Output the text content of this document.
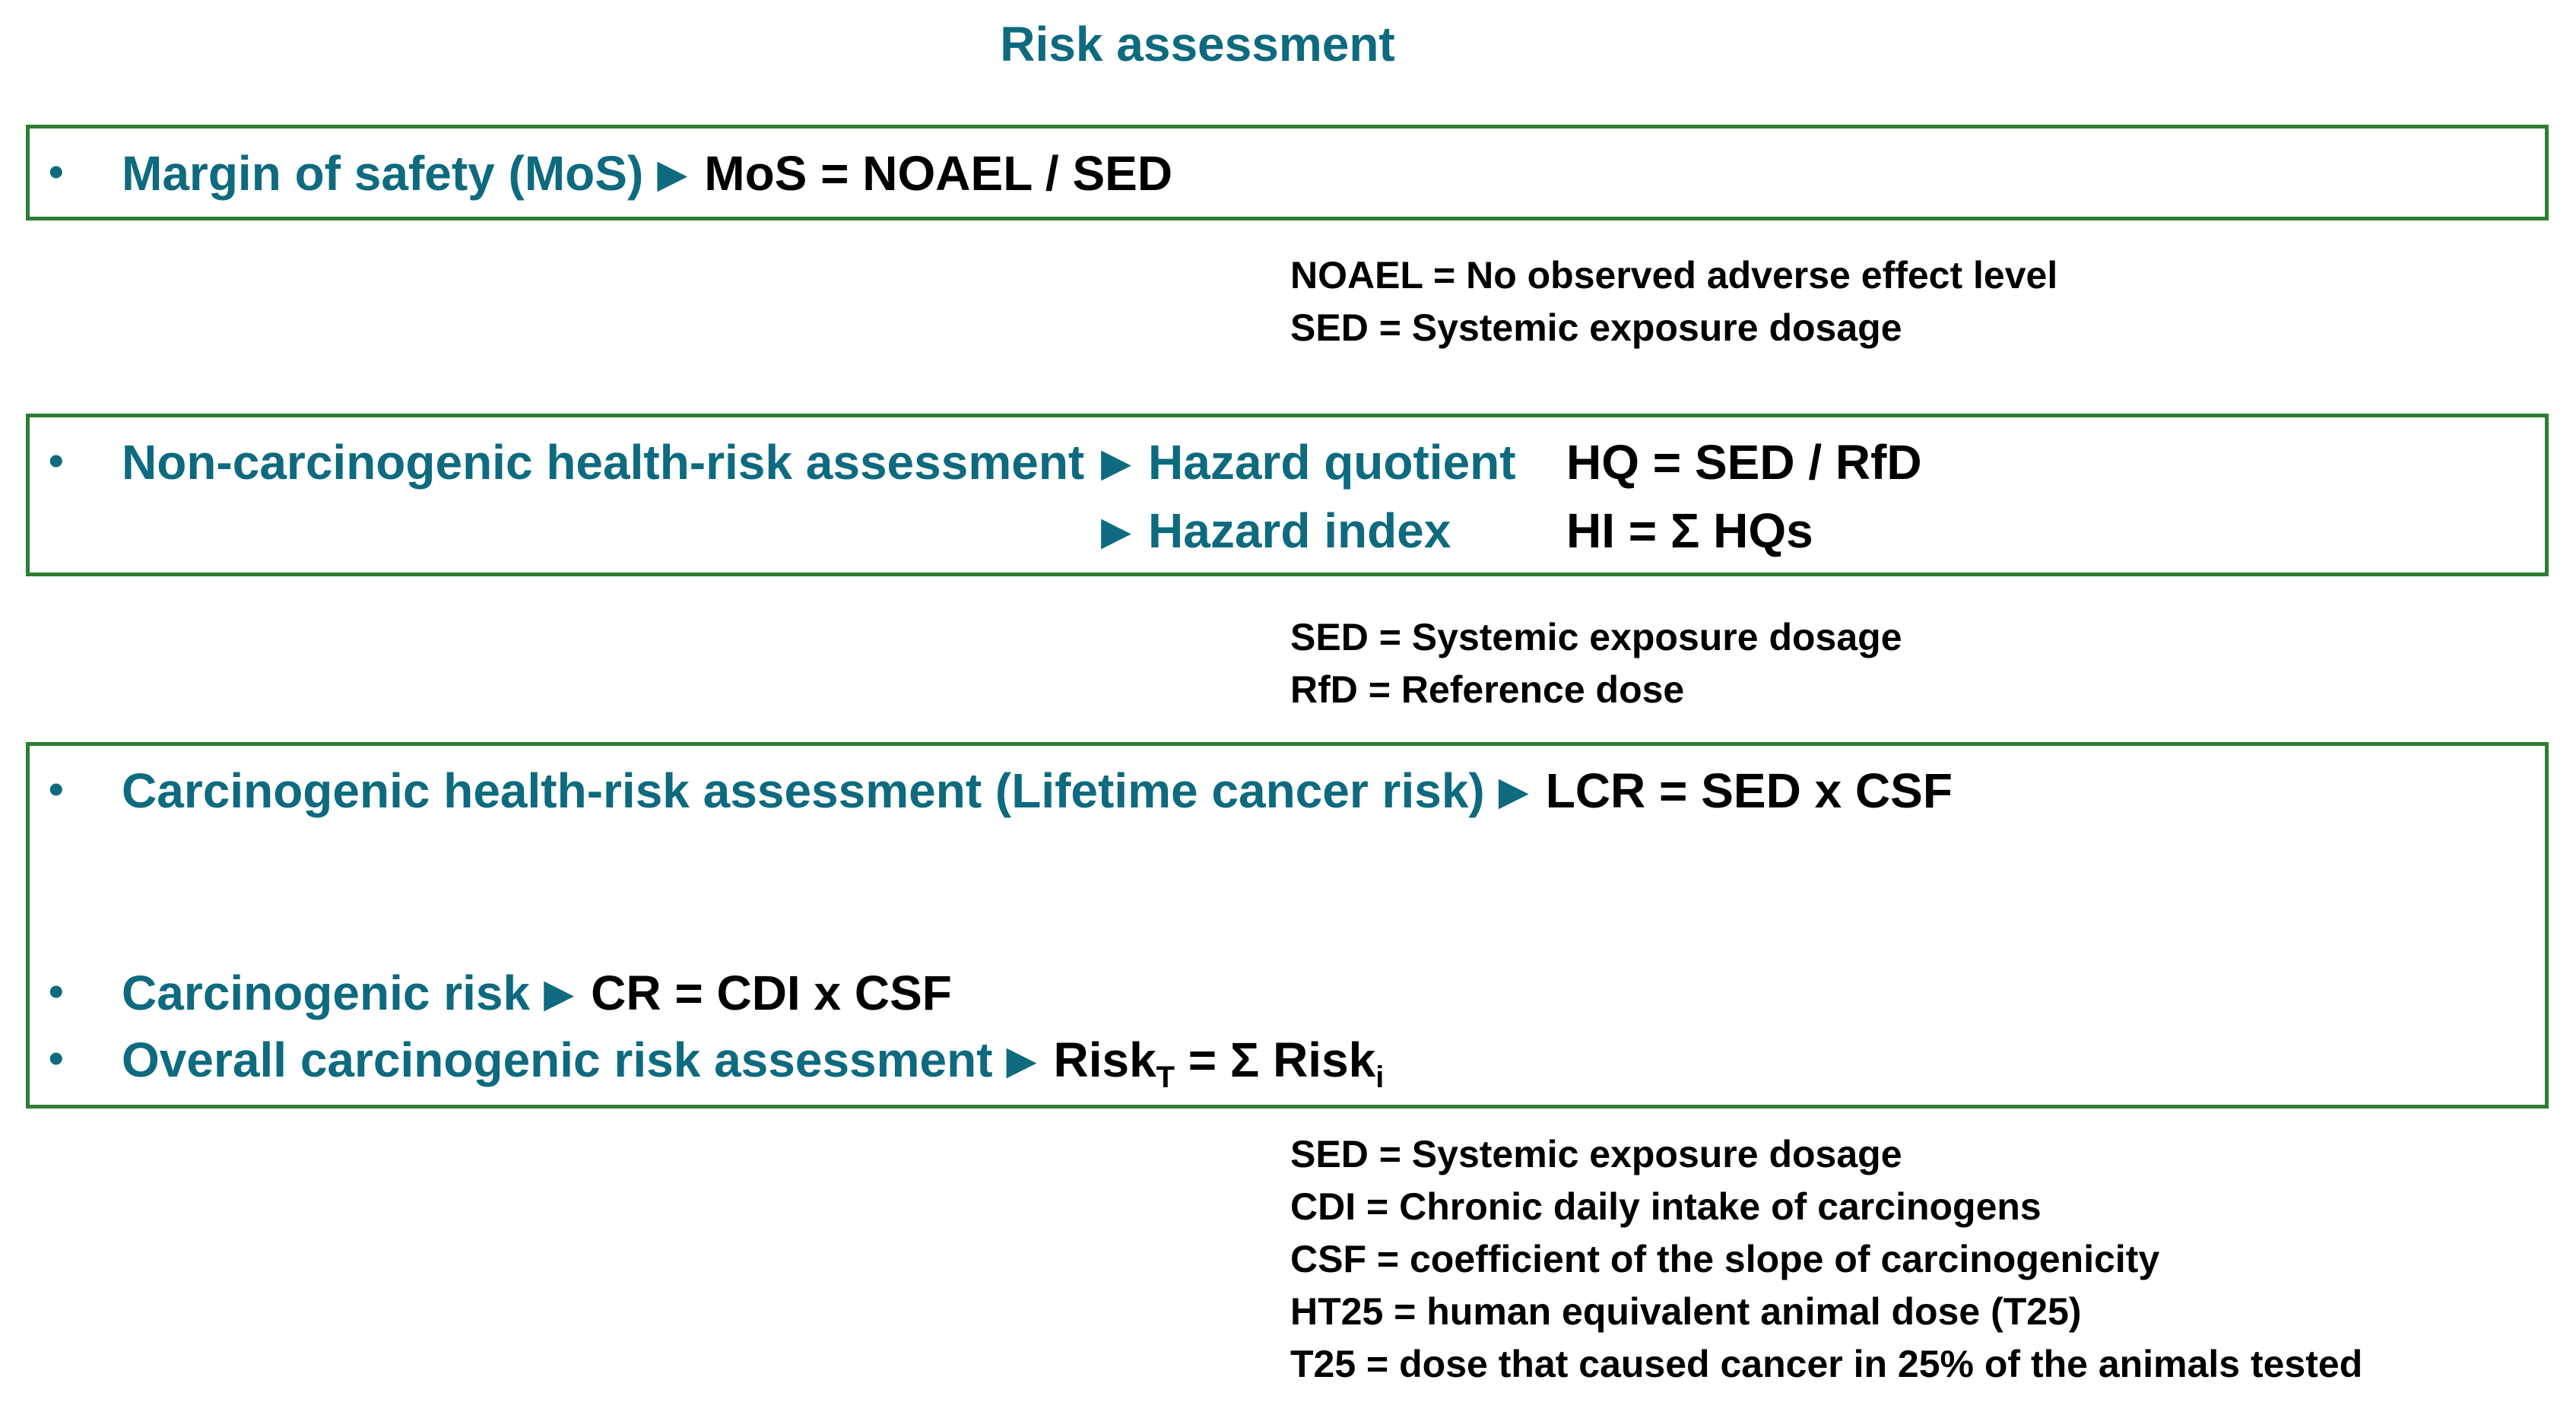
Risk assessment
• Margin of safety (MoS) ▶ MoS = NOAEL / SED
NOAEL = No observed adverse effect level
SED = Systemic exposure dosage
• Non-carcinogenic health-risk assessment ▶ Hazard quotient HQ = SED / RfD
▶ Hazard index HI = Σ HQs
SED = Systemic exposure dosage
RfD = Reference dose
• Carcinogenic health-risk assessment (Lifetime cancer risk) ▶ LCR = SED x CSF
• Carcinogenic risk ▶ CR = CDI x CSF
• Overall carcinogenic risk assessment ▶ Risk$_T$ = Σ Risk$_i$
SED = Systemic exposure dosage
CDI = Chronic daily intake of carcinogens
CSF = coefficient of the slope of carcinogenicity
HT25 = human equivalent animal dose (T25)
T25 = dose that caused cancer in 25% of the animals tested
